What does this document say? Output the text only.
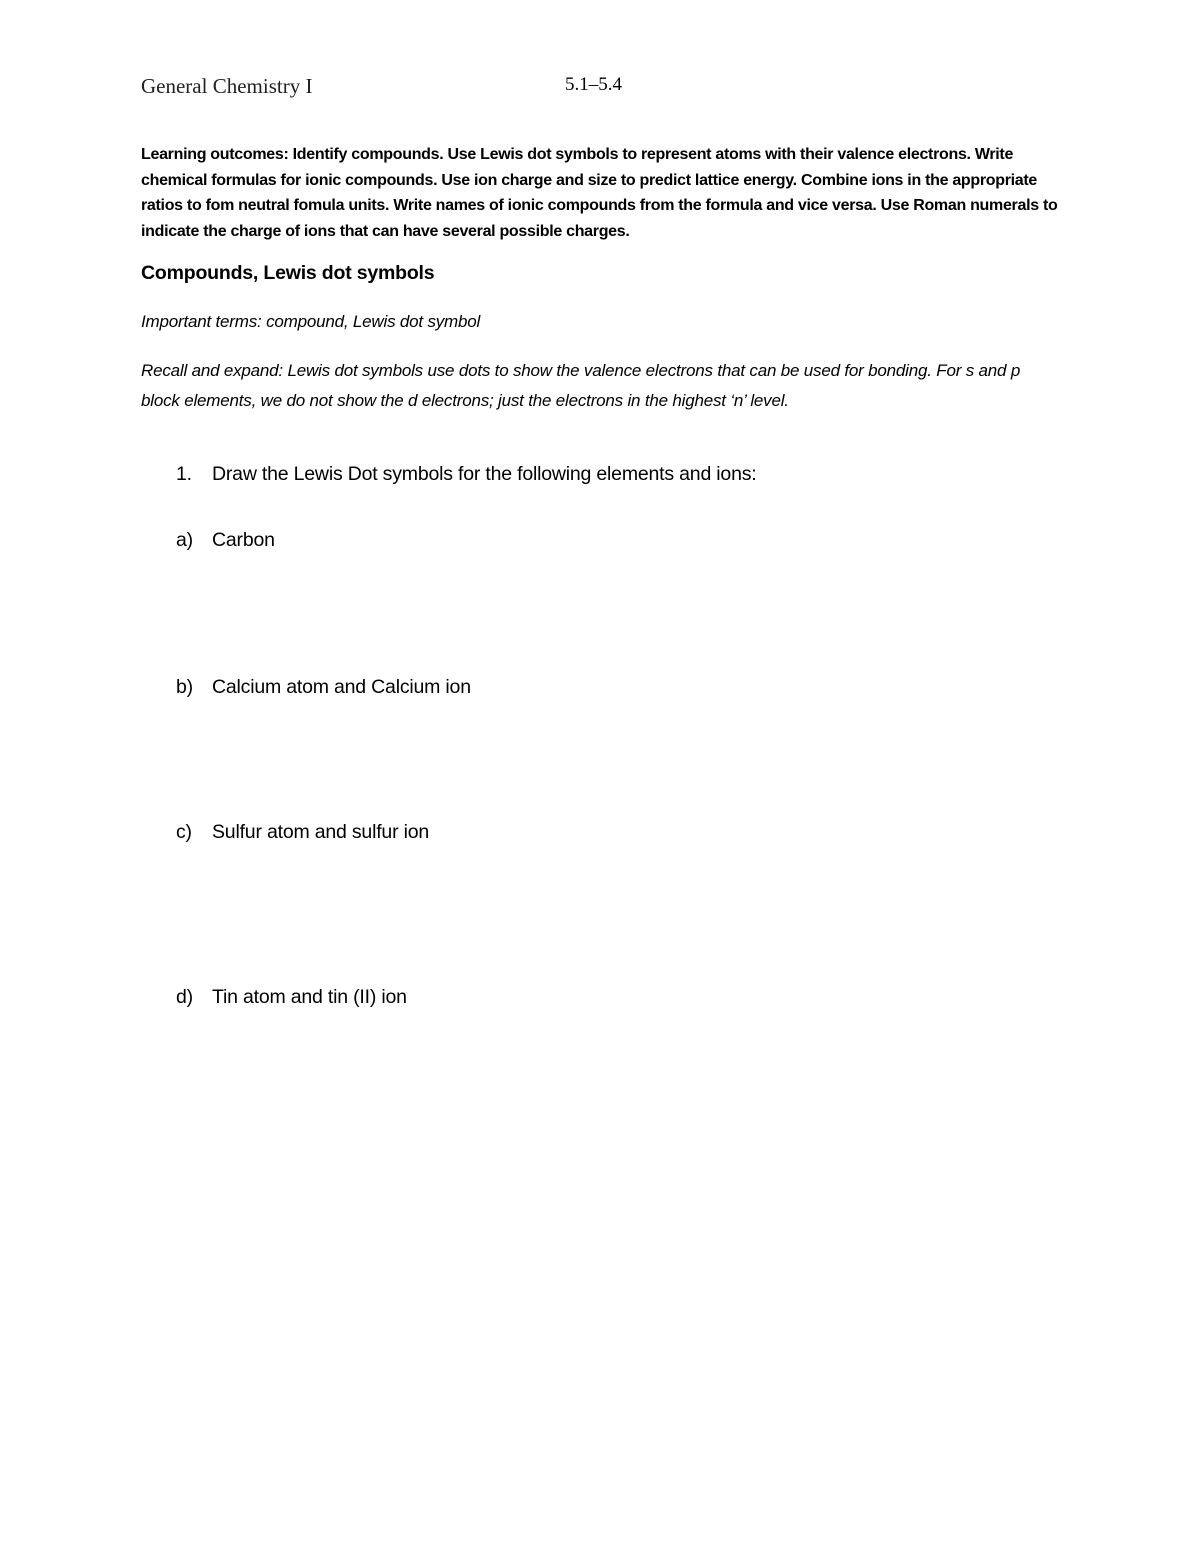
General Chemistry I	5.1–5.4
Learning outcomes: Identify compounds. Use Lewis dot symbols to represent atoms with their valence electrons. Write chemical formulas for ionic compounds. Use ion charge and size to predict lattice energy. Combine ions in the appropriate ratios to fom neutral fomula units. Write names of ionic compounds from the formula and vice versa. Use Roman numerals to indicate the charge of ions that can have several possible charges.
Compounds, Lewis dot symbols
Important terms: compound, Lewis dot symbol
Recall and expand: Lewis dot symbols use dots to show the valence electrons that can be used for bonding. For s and p block elements, we do not show the d electrons; just the electrons in the highest ‘n’ level.
1. Draw the Lewis Dot symbols for the following elements and ions:
a) Carbon
b) Calcium atom and Calcium ion
c) Sulfur atom and sulfur ion
d) Tin atom and tin (II) ion
